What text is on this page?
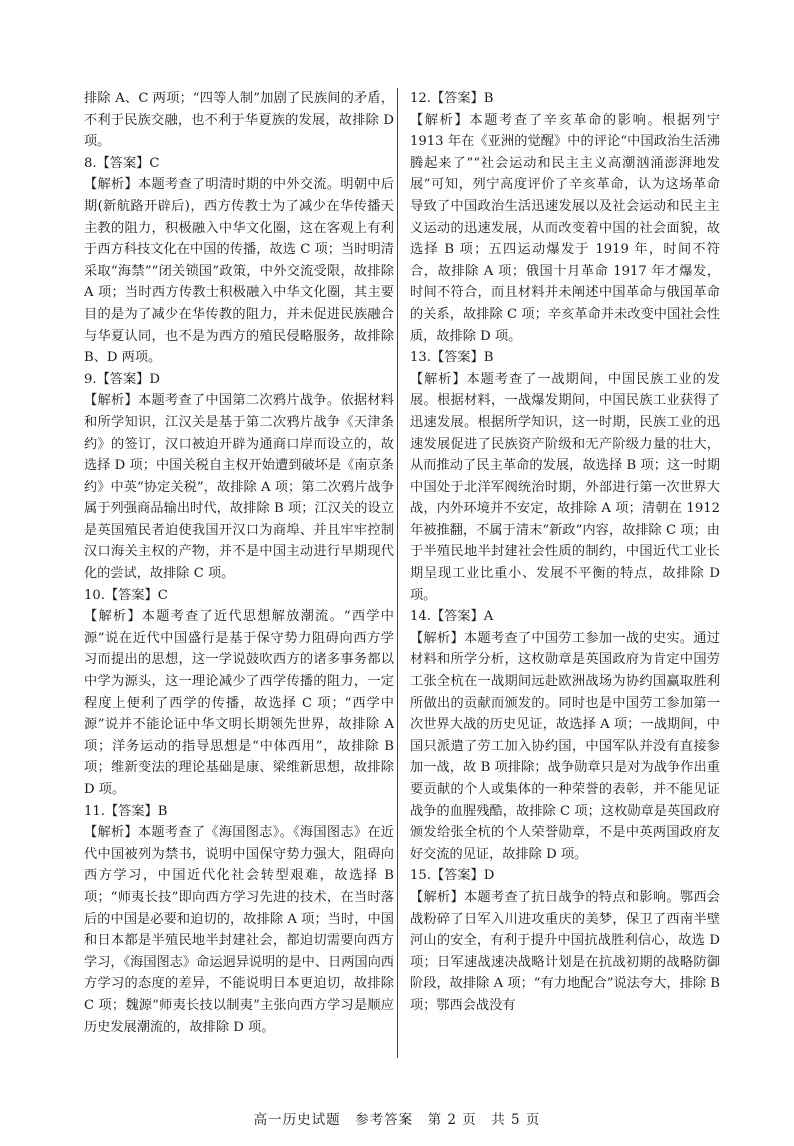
排除 A、C 两项；“四等人制”加剧了民族间的矛盾，不利于民族交融，也不利于华夏族的发展，故排除 D 项。

8.【答案】C

【解析】本题考查了明清时期的中外交流。明朝中后期(新航路开辟后)，西方传教士为了减少在华传播天主教的阻力，积极融入中华文化圈，这在客观上有利于西方科技文化在中国的传播，故选 C 项；当时明清采取“海禁”“闭关锁国”政策，中外交流受限，故排除 A 项；当时西方传教士积极融入中华文化圈，其主要目的是为了减少在华传教的阻力，并未促进民族融合与华夏认同，也不是为西方的殖民侵略服务，故排除 B、D 两项。

9.【答案】D

【解析】本题考查了中国第二次鸦片战争。依据材料和所学知识，江汉关是基于第二次鸦片战争《天津条约》的签订，汉口被迫开辟为通商口岸而设立的，故选择 D 项；中国关税自主权开始遭到破坏是《南京条约》中英“协定关税”，故排除 A 项；第二次鸦片战争属于列强商品输出时代，故排除 B 项；江汉关的设立是英国殖民者迫使我国开汉口为商埠、并且牢牢控制汉口海关主权的产物，并不是中国主动进行早期现代化的尝试，故排除 C 项。

10.【答案】C

【解析】本题考查了近代思想解放潮流。“西学中源”说在近代中国盛行是基于保守势力阻碍向西方学习而提出的思想，这一学说鼓吹西方的诸多事务都以中学为源头，这一理论减少了西学传播的阻力，一定程度上便利了西学的传播，故选择 C 项；“西学中源”说并不能论证中华文明长期领先世界，故排除 A 项；洋务运动的指导思想是“中体西用”，故排除 B 项；维新变法的理论基础是康、梁维新思想，故排除 D 项。

11.【答案】B

【解析】本题考查了《海国图志》。《海国图志》在近代中国被列为禁书，说明中国保守势力强大，阻碍向西方学习，中国近代化社会转型艰难，故选择 B 项；“师夷长技”即向西方学习先进的技术，在当时落后的中国是必要和迫切的，故排除 A 项；当时，中国和日本都是半殖民地半封建社会，都迫切需要向西方学习，《海国图志》命运迥异说明的是中、日两国向西方学习的态度的差异，不能说明日本更迫切，故排除 C 项；魏源“师夷长技以制夷”主张向西方学习是顺应历史发展潮流的，故排除 D 项。

12.【答案】B

【解析】本题考查了辛亥革命的影响。根据列宁 1913 年在《亚洲的觉醒》中的评论“中国政治生活沸腾起来了”“社会运动和民主主义高潮汹涌澎湃地发展”可知，列宁高度评价了辛亥革命，认为这场革命导致了中国政治生活迅速发展以及社会运动和民主主义运动的迅速发展，从而改变着中国的社会面貌，故选择 B 项；五四运动爆发于 1919 年，时间不符合，故排除 A 项；俄国十月革命 1917 年才爆发，时间不符合，而且材料并未阐述中国革命与俄国革命的关系，故排除 C 项；辛亥革命并未改变中国社会性质，故排除 D 项。

13.【答案】B

【解析】本题考查了一战期间，中国民族工业的发展。根据材料，一战爆发期间，中国民族工业获得了迅速发展。根据所学知识，这一时期，民族工业的迅速发展促进了民族资产阶级和无产阶级力量的壮大，从而推动了民主革命的发展，故选择 B 项；这一时期中国处于北洋军阀统治时期，外部进行第一次世界大战，内外环境并不安定，故排除 A 项；清朝在 1912 年被推翻，不属于清末“新政”内容，故排除 C 项；由于半殖民地半封建社会性质的制约，中国近代工业长期呈现工业比重小、发展不平衡的特点，故排除 D 项。

14.【答案】A

【解析】本题考查了中国劳工参加一战的史实。通过材料和所学分析，这枚勋章是英国政府为肯定中国劳工张全杭在一战期间远赴欧洲战场为协约国赢取胜利所做出的贡献而颁发的。同时也是中国劳工参加第一次世界大战的历史见证，故选择 A 项；一战期间，中国只派遣了劳工加入协约国，中国军队并没有直接参加一战，故 B 项排除；战争勋章只是对为战争作出重要贡献的个人或集体的一种荣誉的表彰，并不能见证战争的血腥残酷，故排除 C 项；这枚勋章是英国政府颁发给张全杭的个人荣誉勋章，不是中英两国政府友好交流的见证，故排除 D 项。

15.【答案】D

【解析】本题考查了抗日战争的特点和影响。鄂西会战粉碎了日军入川进攻重庆的美梦，保卫了西南半壁河山的安全，有利于提升中国抗战胜利信心，故选 D 项；日军速战速决战略计划是在抗战初期的战略防御阶段，故排除 A 项；“有力地配合”说法夸大，排除 B 项；鄂西会战没有

高一历史试题　参考答案　第 2 页　共 5 页
